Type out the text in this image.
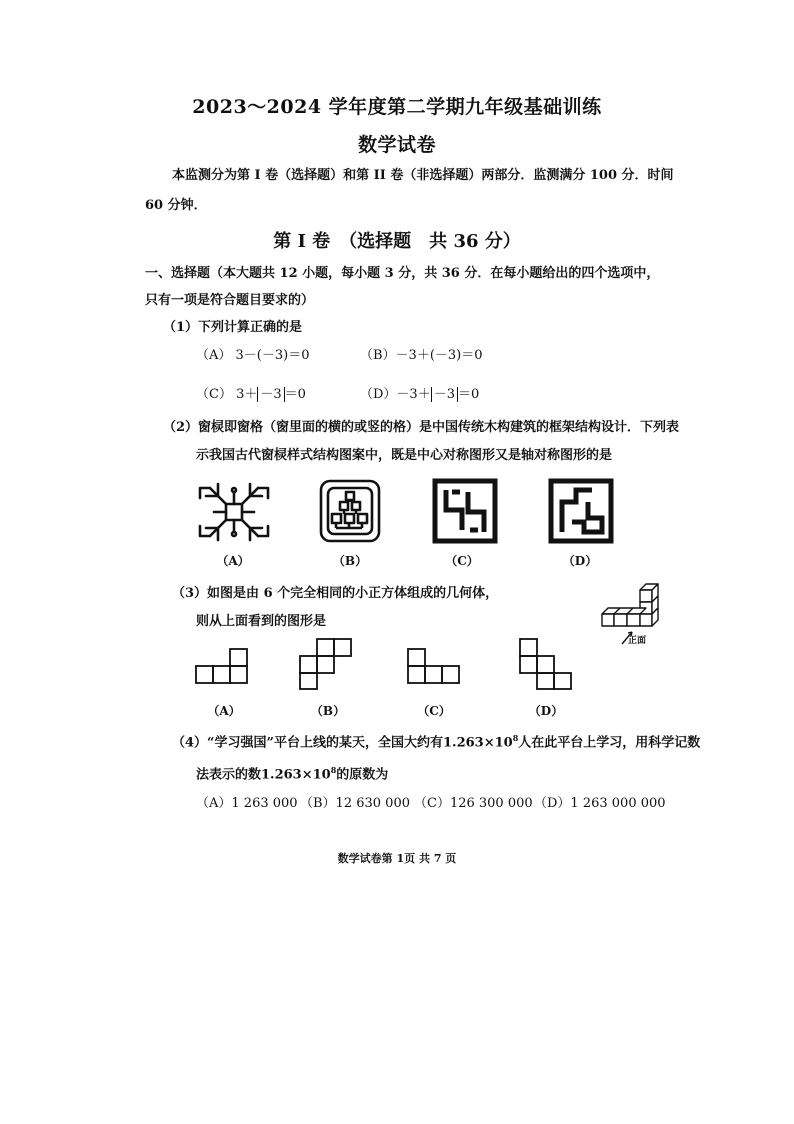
2023～2024 学年度第二学期九年级基础训练
数学试卷
本监测分为第 I 卷（选择题）和第 II 卷（非选择题）两部分．监测满分 100 分．时间
60 分钟．
第 I 卷　（选择题　共 36 分）
一、选择题（本大题共 12 小题，每小题 3 分，共 36 分．在每小题给出的四个选项中，
只有一项是符合题目要求的）
（1）下列计算正确的是
（A） 3－(－3)＝0	（B）－3＋(－3)＝0
（C） 3＋ －3 ＝0	（D）－3＋ －3 ＝0
（2）窗棂即窗格（窗里面的横的或竖的格）是中国传统木构建筑的框架结构设计．下列表
示我国古代窗棂样式结构图案中，既是中心对称图形又是轴对称图形的是
（A）	（B）	（C）	（D）
（3）如图是由 6 个完全相同的小正方体组成的几何体，
则从上面看到的图形是
正面
（A）	（B）	（C）	（D）
（4）“学习强国”平台上线的某天，全国大约有$1.263\times 10^8$人在此平台上学习，用科学记数
法表示的数$1.263\times 10^8$的原数为
（A）1 263 000 （B）12 630 000 （C）126 300 000 （D）1 263 000 000
数学试卷第 1页 共 7 页
